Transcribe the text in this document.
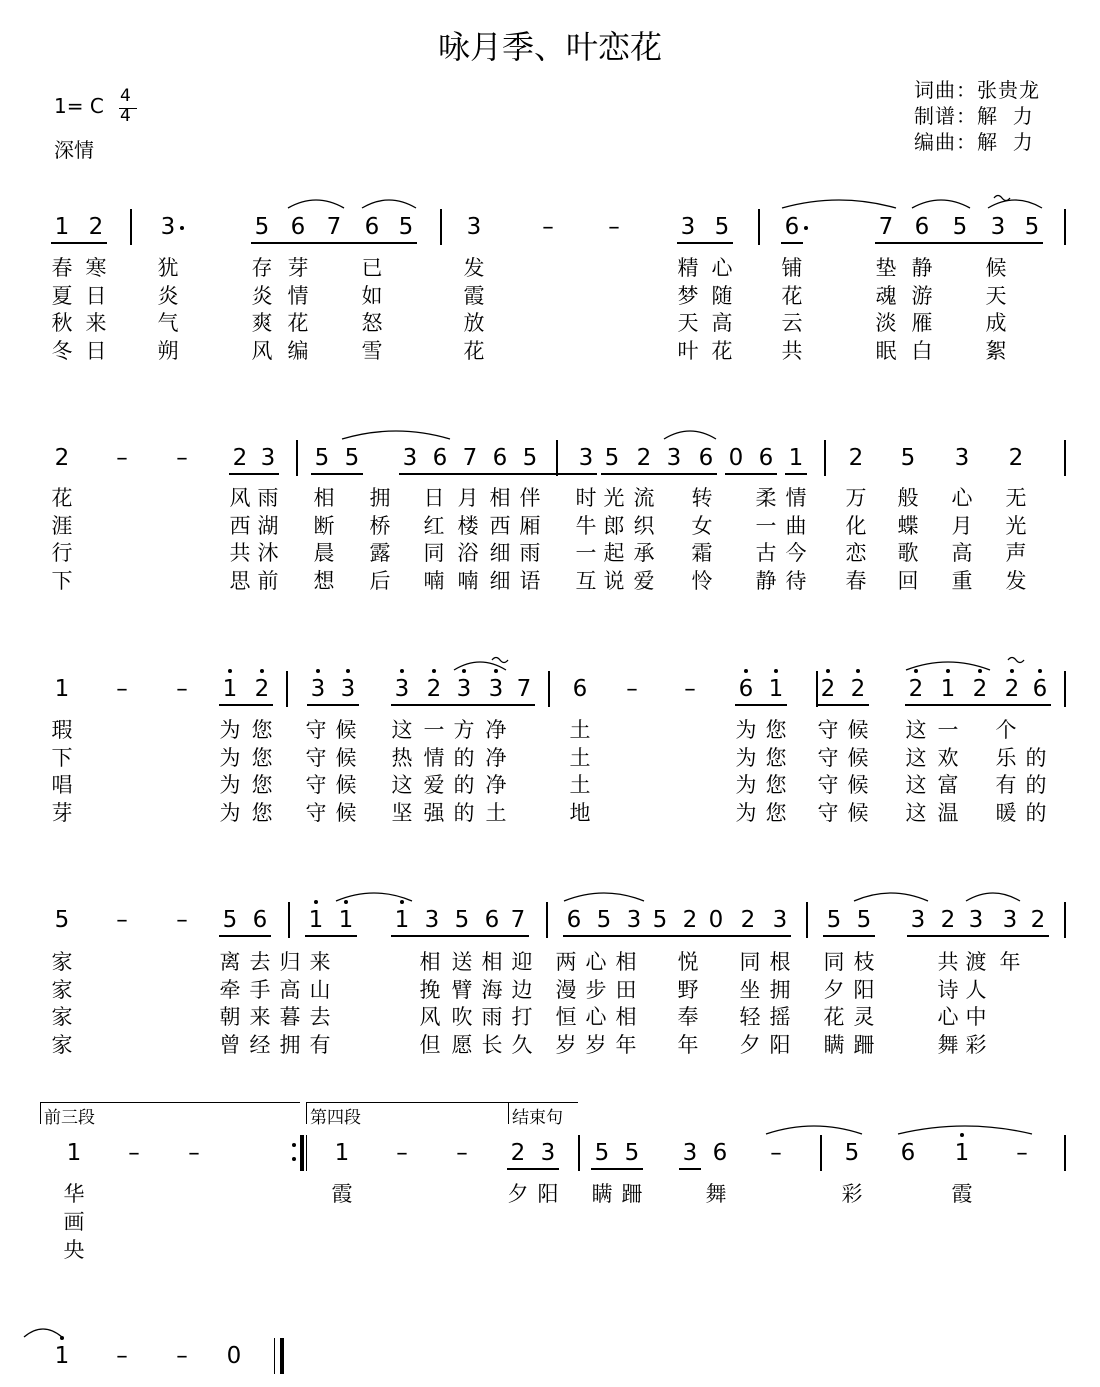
咏月季、叶恋花
1= C 4
4
深情
词曲：张贵龙
制谱：解  力
编曲：解  力
1 2	3	5 6 7	6 5	3	–	–	3 5	6	7 6	5	3 5
春 寒 犹	存 芽	已	发	精 心 铺	垫 静	候
夏 日 炎	炎 情	如	霞	梦 随 花	魂 游	天
秋 来 气	爽 花	怒	放	天 高 云	淡 雁	成
冬 日 朔	风 编	雪	花	叶 花 共	眠 白	絮
2	–	–	2 3	5 5	3 6 7 6 5	3 5 2 3 6 0 6 1	2	5	3	2
花	风 雨 相 拥 日 月 相 伴 时 光 流 转 柔 情 万 般 心 无
涯	西 湖 断 桥 红 楼 西 厢 牛 郎 织 女 一 曲 化 蝶 月 光
行	共 沐 晨 露 同 浴 细 雨 一 起 承 霜 古 今 恋 歌 高 声
下	思 前 想 后 喃 喃 细 语 互 说 爱 怜 静 待 春 回 重 发
1	–	–	1 2	3 3	3 2 3 3 7	6	–	–	6 1	2 2	2 1 2 2 6
瑕	为 您 守 候 这 一 方 净	土	为 您 守 候 这 一 个
下	为 您 守 候 热 情 的 净	土	为 您 守 候 这 欢 乐 的
唱	为 您 守 候 这 爱 的 净	土	为 您 守 候 这 富 有 的
芽	为 您 守 候 坚 强 的 土	地	为 您 守 候 这 温 暖 的
5	–	–	5 6	1 1	1 3 5 6 7	6 5 3 5 2 0 2 3	5 5	3 2 3 3 2
家	离 去 归 来	相 送 相 迎 两 心 相 悦 同 根 同 枝	共 渡 年
家	牵 手 高 山	挽 臂 海 边 漫 步 田 野 坐 拥 夕 阳	诗 人
家	朝 来 暮 去	风 吹 雨 打 恒 心 相 奉 轻 摇 花 灵	心 中
家	曾 经 拥 有	但 愿 长 久 岁 岁 年 年 夕 阳 瞒 跚	舞 彩
1	–	–	1	–	–	2 3	5 5	3 6	–	5	6	1	–
华	霞	夕 阳 瞒 跚	舞	彩	霞
画
央
1	–	–	0
前三段	第四段	结束句
